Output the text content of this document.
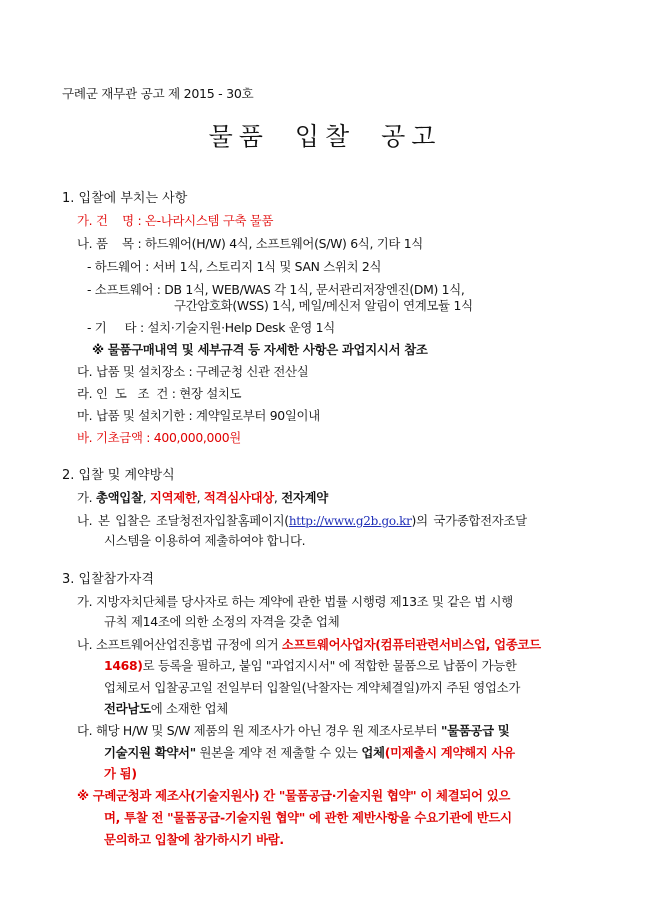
구례군 재무관 공고 제 2015 - 30호
물품 입찰 공고
1. 입찰에 부치는 사항
가. 건    명 : 온-나라시스템 구축 물품
나. 품    목 : 하드웨어(H/W) 4식, 소프트웨어(S/W) 6식, 기타 1식
- 하드웨어 : 서버 1식, 스토리지 1식 및 SAN 스위치 2식
- 소프트웨어 : DB 1식, WEB/WAS 각 1식, 문서관리저장엔진(DM) 1식,
구간암호화(WSS) 1식, 메일/메신저 알림이 연계모듈 1식
- 기     타 : 설치·기술지원·Help Desk 운영 1식
※ 물품구매내역 및 세부규격 등 자세한 사항은 과업지시서 참조
다. 납품 및 설치장소 : 구례군청 신관 전산실
라. 인  도   조  건 : 현장 설치도
마. 납품 및 설치기한 : 계약일로부터 90일이내
바. 기초금액 : 400,000,000원
2. 입찰 및 계약방식
가. 총액입찰, 지역제한, 적격심사대상, 전자계약
나. 본 입찰은 조달청전자입찰홈페이지(http://www.g2b.go.kr)의 국가종합전자조달
시스템을 이용하여 제출하여야 합니다.
3. 입찰참가자격
가. 지방자치단체를 당사자로 하는 계약에 관한 법률 시행령 제13조 및 같은 법 시행
규칙 제14조에 의한 소정의 자격을 갖춘 업체
나. 소프트웨어산업진흥법 규정에 의거 소프트웨어사업자(컴퓨터관련서비스업, 업종코드
1468)로 등록을 필하고, 붙임 "과업지시서" 에 적합한 물품으로 납품이 가능한
업체로서 입찰공고일 전일부터 입찰일(낙찰자는 계약체결일)까지 주된 영업소가
전라남도에 소재한 업체
다. 해당 H/W 및 S/W 제품의 원 제조사가 아닌 경우 원 제조사로부터 "물품공급 및
기술지원 확약서" 원본을 계약 전 제출할 수 있는 업체(미제출시 계약해지 사유
가 됨)
※ 구례군청과 제조사(기술지원사) 간 "물품공급·기술지원 협약" 이 체결되어 있으
며, 투찰 전 "물품공급-기술지원 협약" 에 관한 제반사항을 수요기관에 반드시
문의하고 입찰에 참가하시기 바람.
